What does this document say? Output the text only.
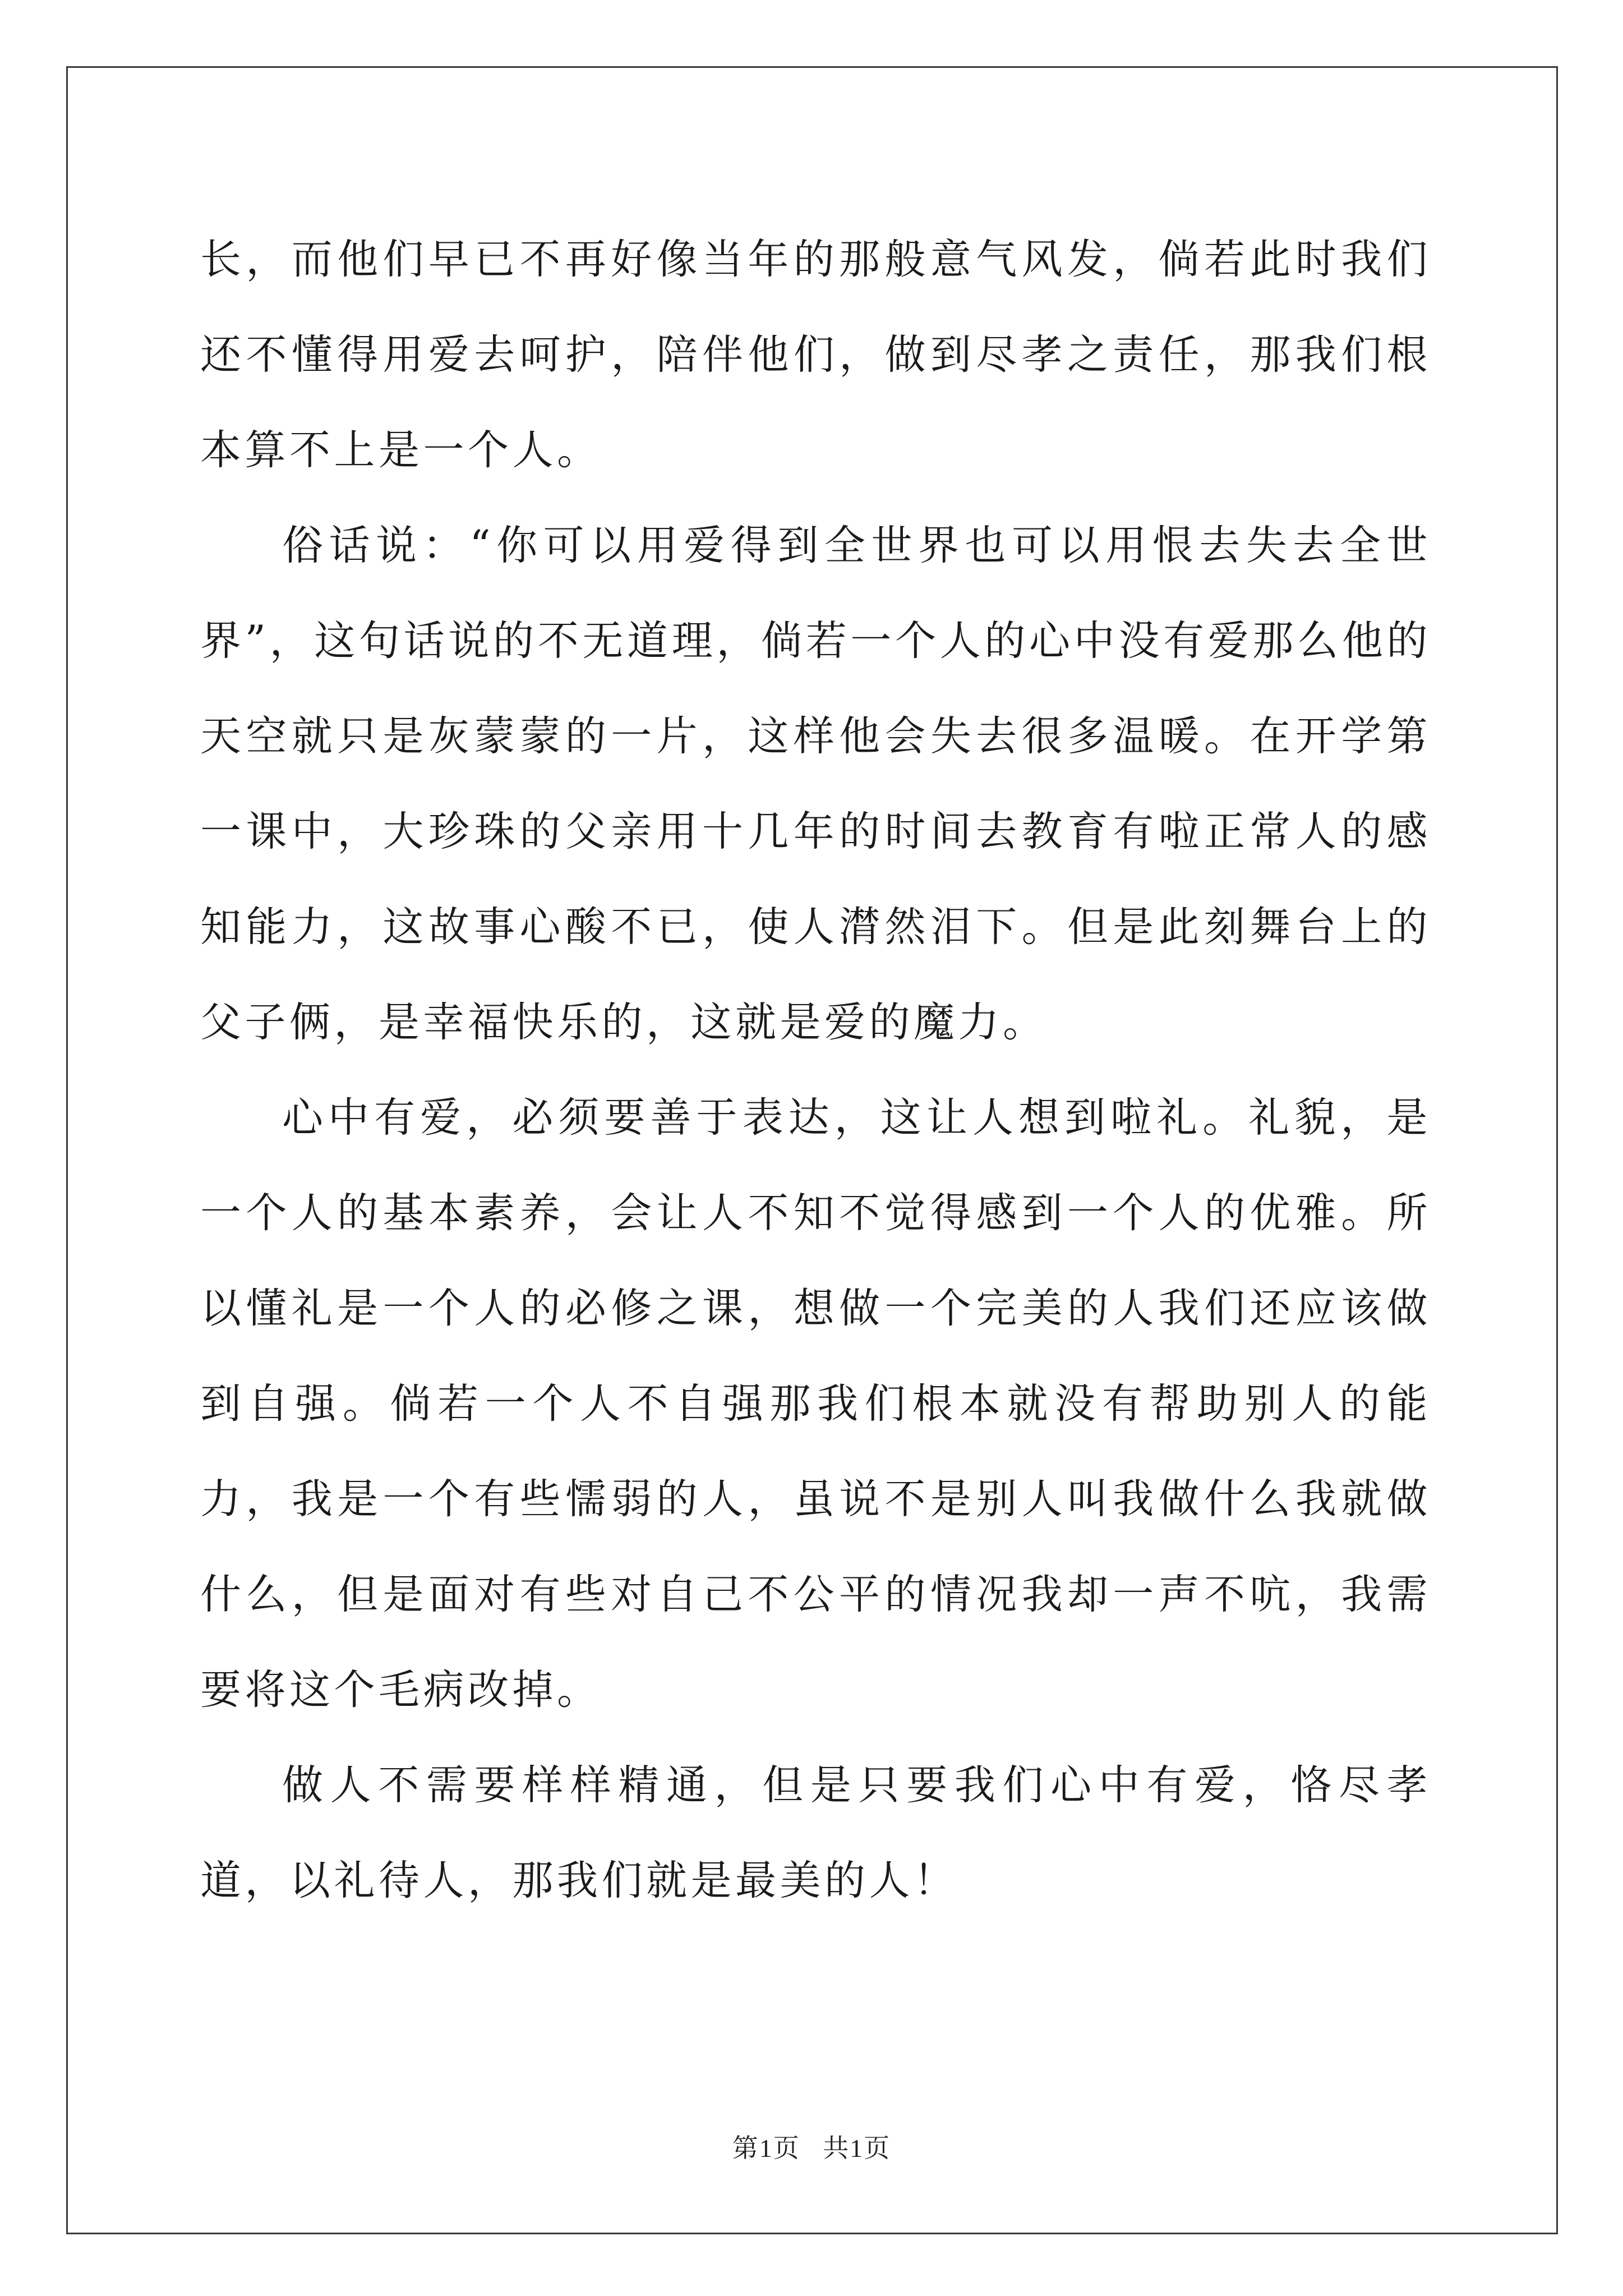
长，而他们早已不再好像当年的那般意气风发，倘若此时我们还不懂得用爱去呵护，陪伴他们，做到尽孝之责任，那我们根本算不上是一个人。

俗话说：“你可以用爱得到全世界也可以用恨去失去全世界”，这句话说的不无道理，倘若一个人的心中没有爱那么他的天空就只是灰蒙蒙的一片，这样他会失去很多温暖。在开学第一课中，大珍珠的父亲用十几年的时间去教育有啦正常人的感知能力，这故事心酸不已，使人潸然泪下。但是此刻舞台上的父子俩，是幸福快乐的，这就是爱的魔力。

心中有爱，必须要善于表达，这让人想到啦礼。礼貌，是一个人的基本素养，会让人不知不觉得感到一个人的优雅。所以懂礼是一个人的必修之课，想做一个完美的人我们还应该做到自强。倘若一个人不自强那我们根本就没有帮助别人的能力，我是一个有些懦弱的人，虽说不是别人叫我做什么我就做什么，但是面对有些对自己不公平的情况我却一声不吭，我需要将这个毛病改掉。

做人不需要样样精通，但是只要我们心中有爱，恪尽孝道，以礼待人，那我们就是最美的人！

第1页 共1页
